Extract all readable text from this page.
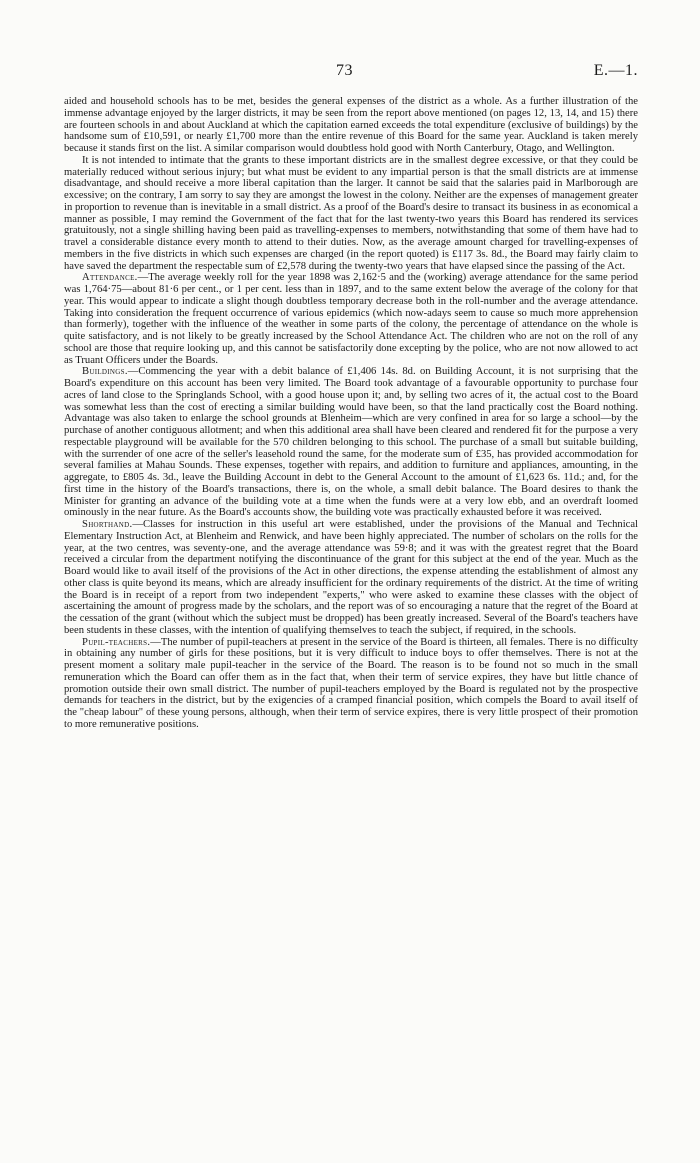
73	E.—1.

aided and household schools has to be met, besides the general expenses of the district as a whole. As a further illustration of the immense advantage enjoyed by the larger districts, it may be seen from the report above mentioned (on pages 12, 13, 14, and 15) there are fourteen schools in and about Auckland at which the capitation earned exceeds the total expenditure (exclusive of buildings) by the handsome sum of £10,591, or nearly £1,700 more than the entire revenue of this Board for the same year. Auckland is taken merely because it stands first on the list. A similar comparison would doubtless hold good with North Canterbury, Otago, and Wellington.

It is not intended to intimate that the grants to these important districts are in the smallest degree excessive, or that they could be materially reduced without serious injury; but what must be evident to any impartial person is that the small districts are at immense disadvantage, and should receive a more liberal capitation than the larger. It cannot be said that the salaries paid in Marlborough are excessive; on the contrary, I am sorry to say they are amongst the lowest in the colony. Neither are the expenses of management greater in proportion to revenue than is inevitable in a small district. As a proof of the Board's desire to transact its business in as economical a manner as possible, I may remind the Government of the fact that for the last twenty-two years this Board has rendered its services gratuitously, not a single shilling having been paid as travelling-expenses to members, notwithstanding that some of them have had to travel a considerable distance every month to attend to their duties. Now, as the average amount charged for travelling-expenses of members in the five districts in which such expenses are charged (in the report quoted) is £117 3s. 8d., the Board may fairly claim to have saved the department the respectable sum of £2,578 during the twenty-two years that have elapsed since the passing of the Act.

Attendance.—The average weekly roll for the year 1898 was 2,162·5 and the (working) average attendance for the same period was 1,764·75—about 81·6 per cent., or 1 per cent. less than in 1897, and to the same extent below the average of the colony for that year. This would appear to indicate a slight though doubtless temporary decrease both in the roll-number and the average attendance. Taking into consideration the frequent occurrence of various epidemics (which now-adays seem to cause so much more apprehension than formerly), together with the influence of the weather in some parts of the colony, the percentage of attendance on the whole is quite satisfactory, and is not likely to be greatly increased by the School Attendance Act. The children who are not on the roll of any school are those that require looking up, and this cannot be satisfactorily done excepting by the police, who are not now allowed to act as Truant Officers under the Boards.

Buildings.—Commencing the year with a debit balance of £1,406 14s. 8d. on Building Account, it is not surprising that the Board's expenditure on this account has been very limited. The Board took advantage of a favourable opportunity to purchase four acres of land close to the Springlands School, with a good house upon it; and, by selling two acres of it, the actual cost to the Board was somewhat less than the cost of erecting a similar building would have been, so that the land practically cost the Board nothing. Advantage was also taken to enlarge the school grounds at Blenheim—which are very confined in area for so large a school—by the purchase of another contiguous allotment; and when this additional area shall have been cleared and rendered fit for the purpose a very respectable playground will be available for the 570 children belonging to this school. The purchase of a small but suitable building, with the surrender of one acre of the seller's leasehold round the same, for the moderate sum of £35, has provided accommodation for several families at Mahau Sounds. These expenses, together with repairs, and addition to furniture and appliances, amounting, in the aggregate, to £805 4s. 3d., leave the Building Account in debt to the General Account to the amount of £1,623 6s. 11d.; and, for the first time in the history of the Board's transactions, there is, on the whole, a small debit balance. The Board desires to thank the Minister for granting an advance of the building vote at a time when the funds were at a very low ebb, and an overdraft loomed ominously in the near future. As the Board's accounts show, the building vote was practically exhausted before it was received.

Shorthand.—Classes for instruction in this useful art were established, under the provisions of the Manual and Technical Elementary Instruction Act, at Blenheim and Renwick, and have been highly appreciated. The number of scholars on the rolls for the year, at the two centres, was seventy-one, and the average attendance was 59·8; and it was with the greatest regret that the Board received a circular from the department notifying the discontinuance of the grant for this subject at the end of the year. Much as the Board would like to avail itself of the provisions of the Act in other directions, the expense attending the establishment of almost any other class is quite beyond its means, which are already insufficient for the ordinary requirements of the district. At the time of writing the Board is in receipt of a report from two independent "experts," who were asked to examine these classes with the object of ascertaining the amount of progress made by the scholars, and the report was of so encouraging a nature that the regret of the Board at the cessation of the grant (without which the subject must be dropped) has been greatly increased. Several of the Board's teachers have been students in these classes, with the intention of qualifying themselves to teach the subject, if required, in the schools.

Pupil-teachers.—The number of pupil-teachers at present in the service of the Board is thirteen, all females. There is no difficulty in obtaining any number of girls for these positions, but it is very difficult to induce boys to offer themselves. There is not at the present moment a solitary male pupil-teacher in the service of the Board. The reason is to be found not so much in the small remuneration which the Board can offer them as in the fact that, when their term of service expires, they have but little chance of promotion outside their own small district. The number of pupil-teachers employed by the Board is regulated not by the prospective demands for teachers in the district, but by the exigencies of a cramped financial position, which compels the Board to avail itself of the "cheap labour" of these young persons, although, when their term of service expires, there is very little prospect of their promotion to more remunerative positions.
